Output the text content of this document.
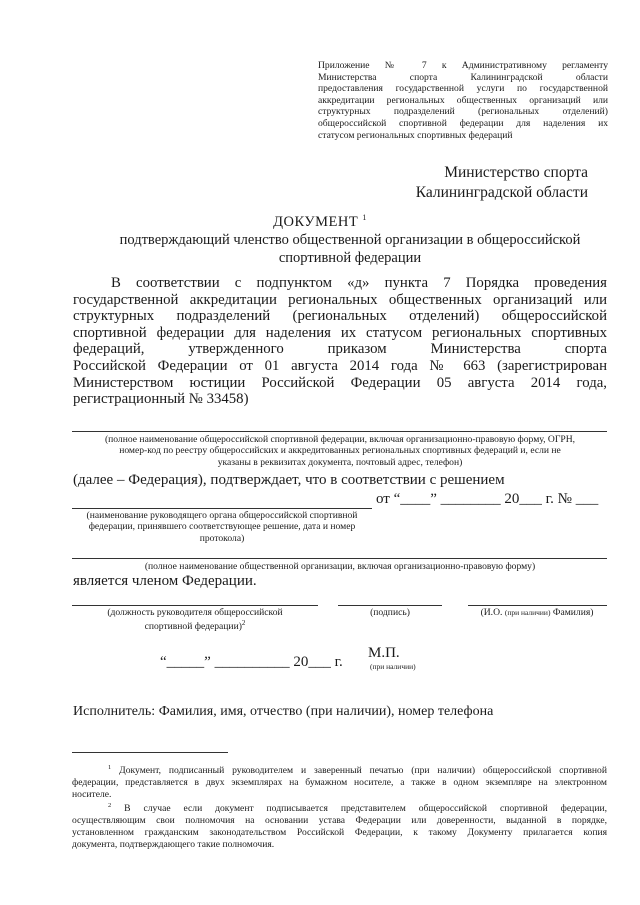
Приложение № 7 к Административному регламенту
Министерства спорта Калининградской области
предоставления государственной услуги по государственной
аккредитации региональных общественных организаций или
структурных подразделений (региональных отделений)
общероссийской спортивной федерации для наделения их
статусом региональных спортивных федераций
Министерство спорта
Калининградской области
ДОКУМЕНТ $^1$
подтверждающий членство общественной организации в общероссийской
спортивной федерации
В соответствии с подпунктом «д» пункта 7 Порядка проведения
государственной аккредитации региональных общественных организаций или
структурных подразделений (региональных отделений) общероссийской
спортивной федерации для наделения их статусом региональных спортивных
федераций, утвержденного приказом Министерства спорта
Российской Федерации от 01 августа 2014 года № 663 (зарегистрирован
Министерством юстиции Российской Федерации 05 августа 2014 года,
регистрационный № 33458)
(полное наименование общероссийской спортивной федерации, включая организационно-правовую форму, ОГРН,
номер-код по реестру общероссийских и аккредитованных региональных спортивных федераций и, если не
указаны в реквизитах документа, почтовый адрес, телефон)
(далее – Федерация), подтверждает, что в соответствии с решением
от “____” ________ 20___ г. № ___
(наименование руководящего органа общероссийской спортивной
федерации, принявшего соответствующее решение, дата и номер
протокола)
(полное наименование общественной организации, включая организационно-правовую форму)
является членом Федерации.
(должность руководителя общероссийской
спортивной федерации)$^2$
(подпись)	(И.О. (при наличии) Фамилия)
“_____” __________ 20___ г.
М.П.
(при наличии)
Исполнитель: Фамилия, имя, отчество (при наличии), номер телефона
$^1$ Документ, подписанный руководителем и заверенный печатью (при наличии) общероссийской спортивной
федерации, представляется в двух экземплярах на бумажном носителе, а также в одном экземпляре на электронном
носителе.
$^2$ В случае если документ подписывается представителем общероссийской спортивной федерации,
осуществляющим свои полномочия на основании устава Федерации или доверенности, выданной в порядке,
установленном гражданским законодательством Российской Федерации, к такому Документу прилагается копия
документа, подтверждающего такие полномочия.
